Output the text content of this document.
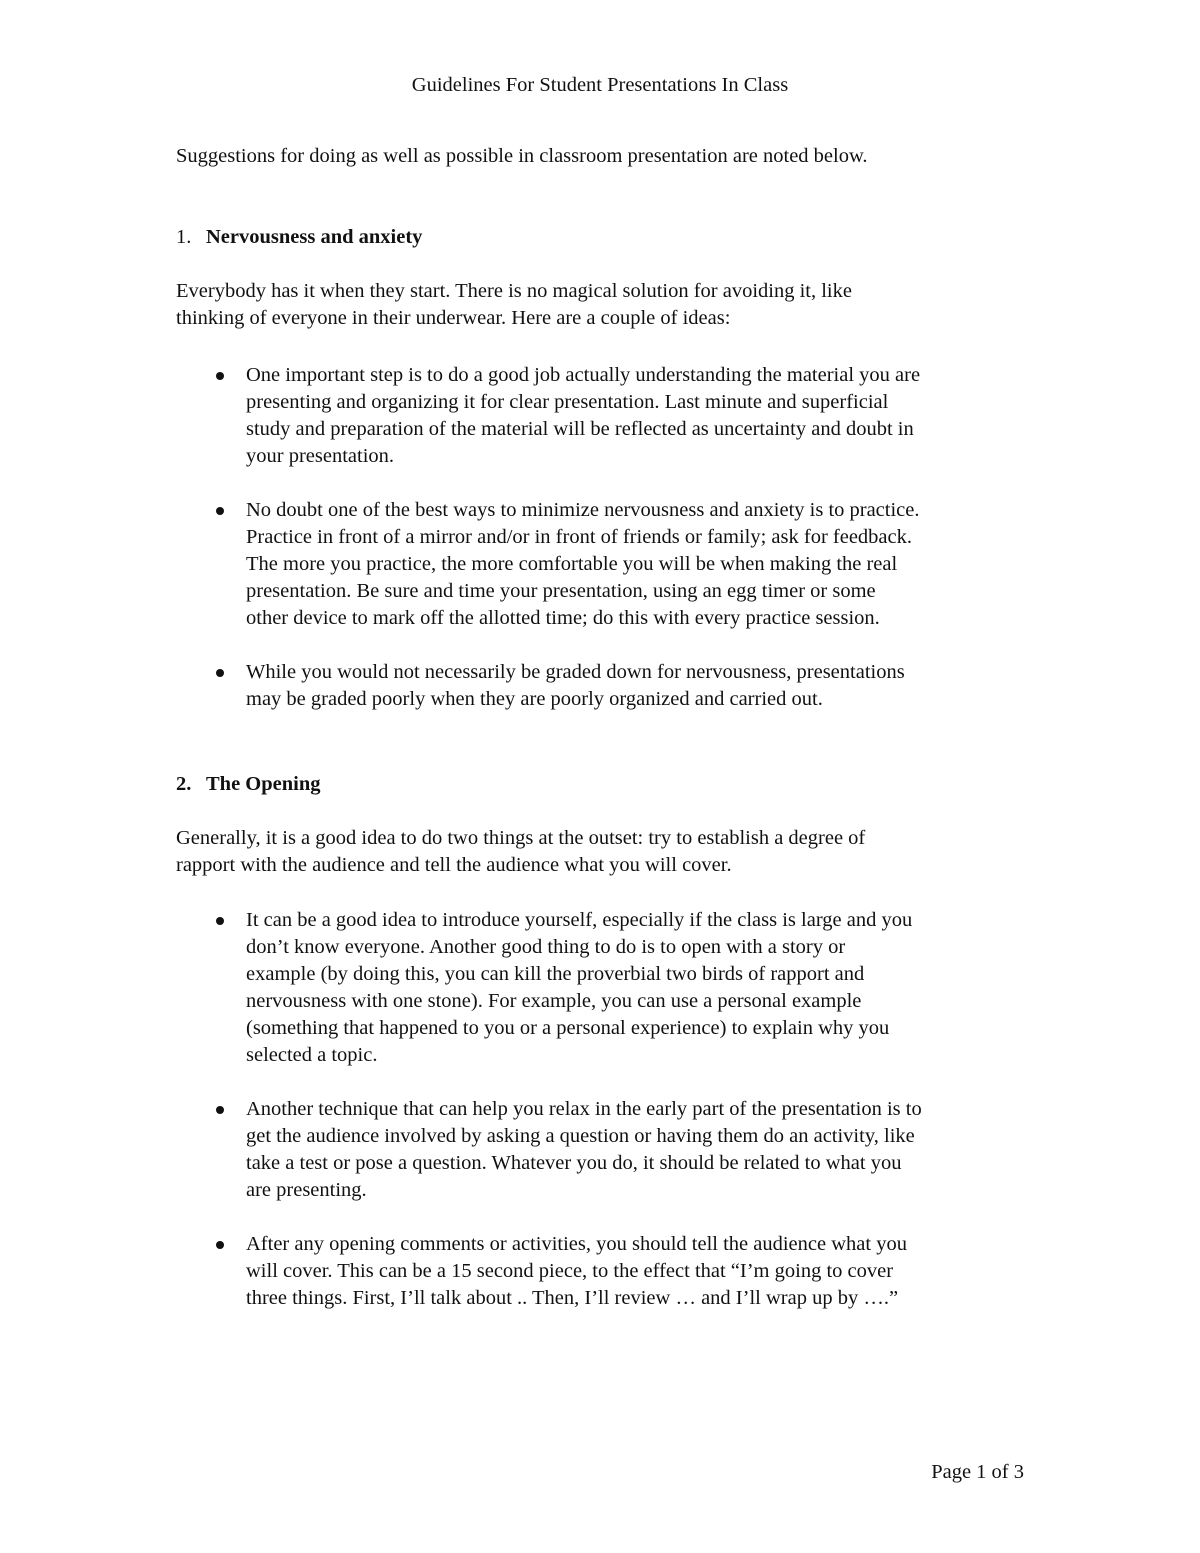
Guidelines For Student Presentations In Class

Suggestions for doing as well as possible in classroom presentation are noted below.

1. Nervousness and anxiety
Everybody has it when they start. There is no magical solution for avoiding it, like
thinking of everyone in their underwear. Here are a couple of ideas:
One important step is to do a good job actually understanding the material you are
presenting and organizing it for clear presentation. Last minute and superficial
study and preparation of the material will be reflected as uncertainty and doubt in
your presentation.
No doubt one of the best ways to minimize nervousness and anxiety is to practice.
Practice in front of a mirror and/or in front of friends or family; ask for feedback.
The more you practice, the more comfortable you will be when making the real
presentation. Be sure and time your presentation, using an egg timer or some
other device to mark off the allotted time; do this with every practice session.
While you would not necessarily be graded down for nervousness, presentations
may be graded poorly when they are poorly organized and carried out.
2. The Opening
Generally, it is a good idea to do two things at the outset: try to establish a degree of
rapport with the audience and tell the audience what you will cover.
It can be a good idea to introduce yourself, especially if the class is large and you
don’t know everyone. Another good thing to do is to open with a story or
example (by doing this, you can kill the proverbial two birds of rapport and
nervousness with one stone). For example, you can use a personal example
(something that happened to you or a personal experience) to explain why you
selected a topic.
Another technique that can help you relax in the early part of the presentation is to
get the audience involved by asking a question or having them do an activity, like
take a test or pose a question. Whatever you do, it should be related to what you
are presenting.
After any opening comments or activities, you should tell the audience what you
will cover. This can be a 15 second piece, to the effect that “I’m going to cover
three things. First, I’ll talk about .. Then, I’ll review … and I’ll wrap up by ….”

Page 1 of 3
